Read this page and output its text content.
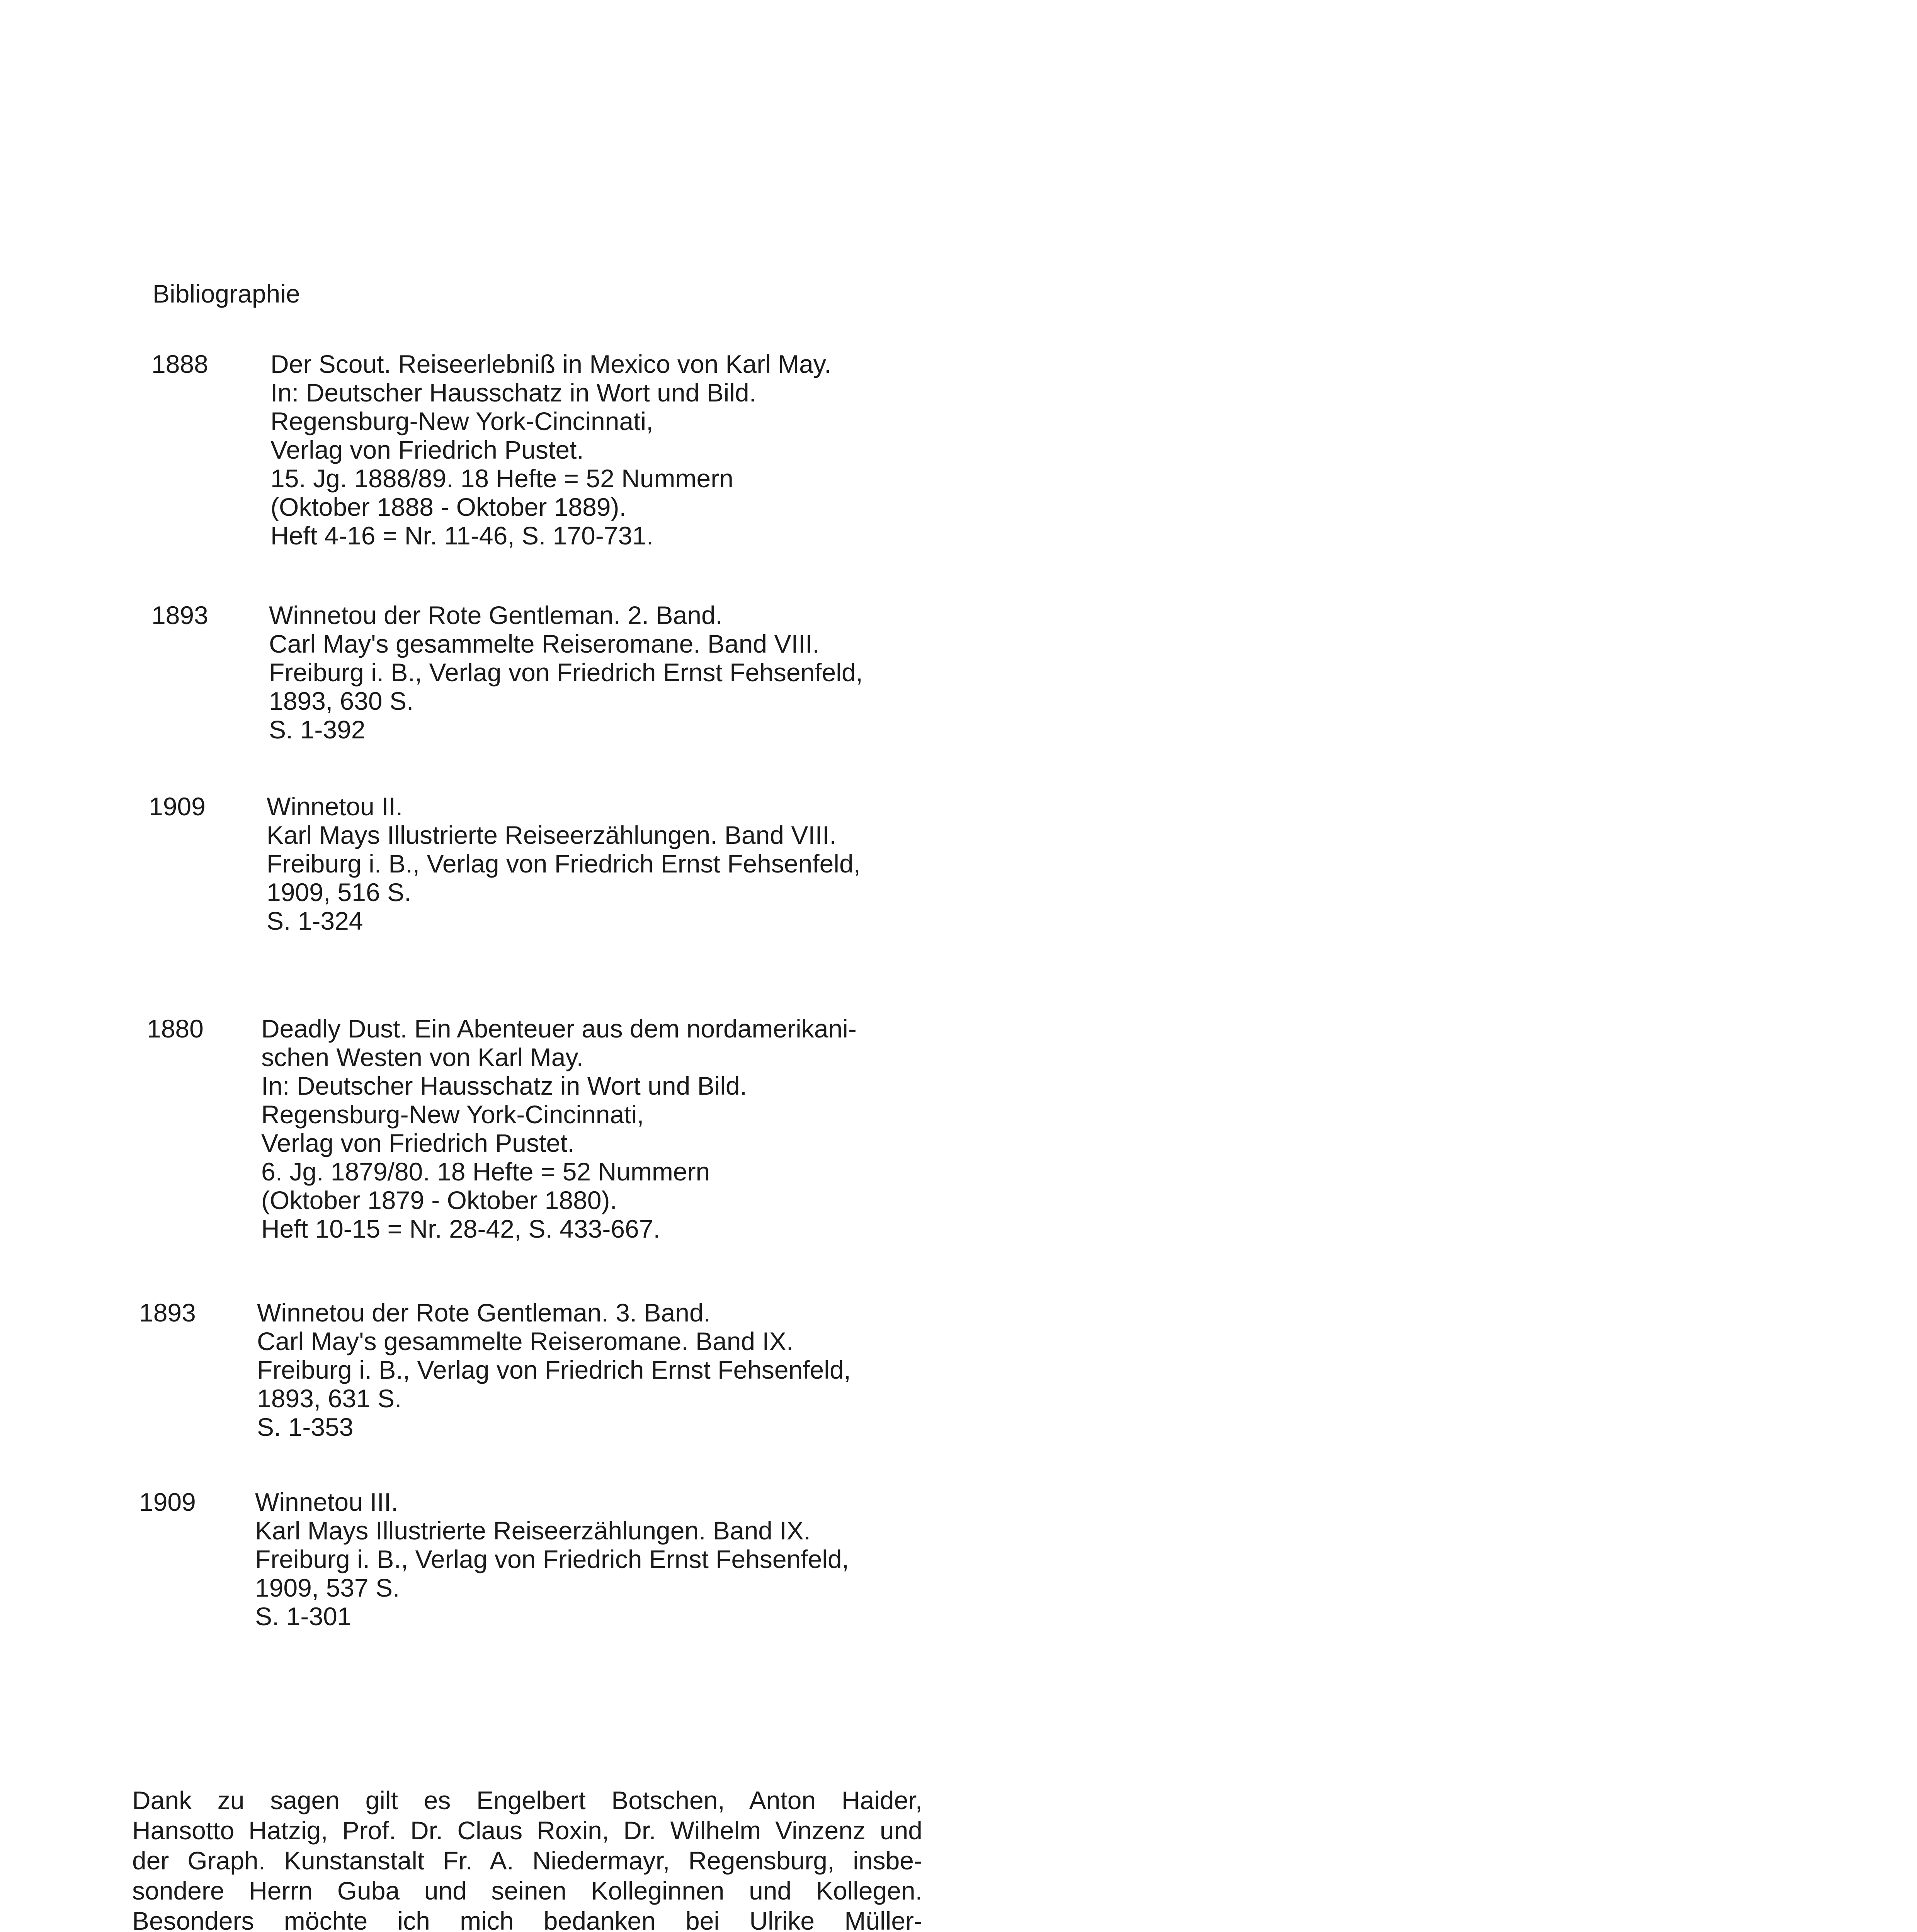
Bibliographie
1888 Der Scout. Reiseerlebniß in Mexico von Karl May.
In: Deutscher Hausschatz in Wort und Bild.
Regensburg-New York-Cincinnati,
Verlag von Friedrich Pustet.
15. Jg. 1888/89. 18 Hefte = 52 Nummern
(Oktober 1888 - Oktober 1889).
Heft 4-16 = Nr. 11-46, S. 170-731.
1893 Winnetou der Rote Gentleman. 2. Band.
Carl May's gesammelte Reiseromane. Band VIII.
Freiburg i. B., Verlag von Friedrich Ernst Fehsenfeld,
1893, 630 S.
S. 1-392
1909 Winnetou II.
Karl Mays Illustrierte Reiseerzählungen. Band VIII.
Freiburg i. B., Verlag von Friedrich Ernst Fehsenfeld,
1909, 516 S.
S. 1-324
1880 Deadly Dust. Ein Abenteuer aus dem nordamerikani-
schen Westen von Karl May.
In: Deutscher Hausschatz in Wort und Bild.
Regensburg-New York-Cincinnati,
Verlag von Friedrich Pustet.
6. Jg. 1879/80. 18 Hefte = 52 Nummern
(Oktober 1879 - Oktober 1880).
Heft 10-15 = Nr. 28-42, S. 433-667.
1893 Winnetou der Rote Gentleman. 3. Band.
Carl May's gesammelte Reiseromane. Band IX.
Freiburg i. B., Verlag von Friedrich Ernst Fehsenfeld,
1893, 631 S.
S. 1-353
1909 Winnetou III.
Karl Mays Illustrierte Reiseerzählungen. Band IX.
Freiburg i. B., Verlag von Friedrich Ernst Fehsenfeld,
1909, 537 S.
S. 1-301
Dank zu sagen gilt es Engelbert Botschen, Anton Haider,
Hansotto Hatzig, Prof. Dr. Claus Roxin, Dr. Wilhelm Vinzenz und
der Graph. Kunstanstalt Fr. A. Niedermayr, Regensburg, insbe-
sondere Herrn Guba und seinen Kolleginnen und Kollegen.
Besonders möchte ich mich bedanken bei Ulrike Müller-
